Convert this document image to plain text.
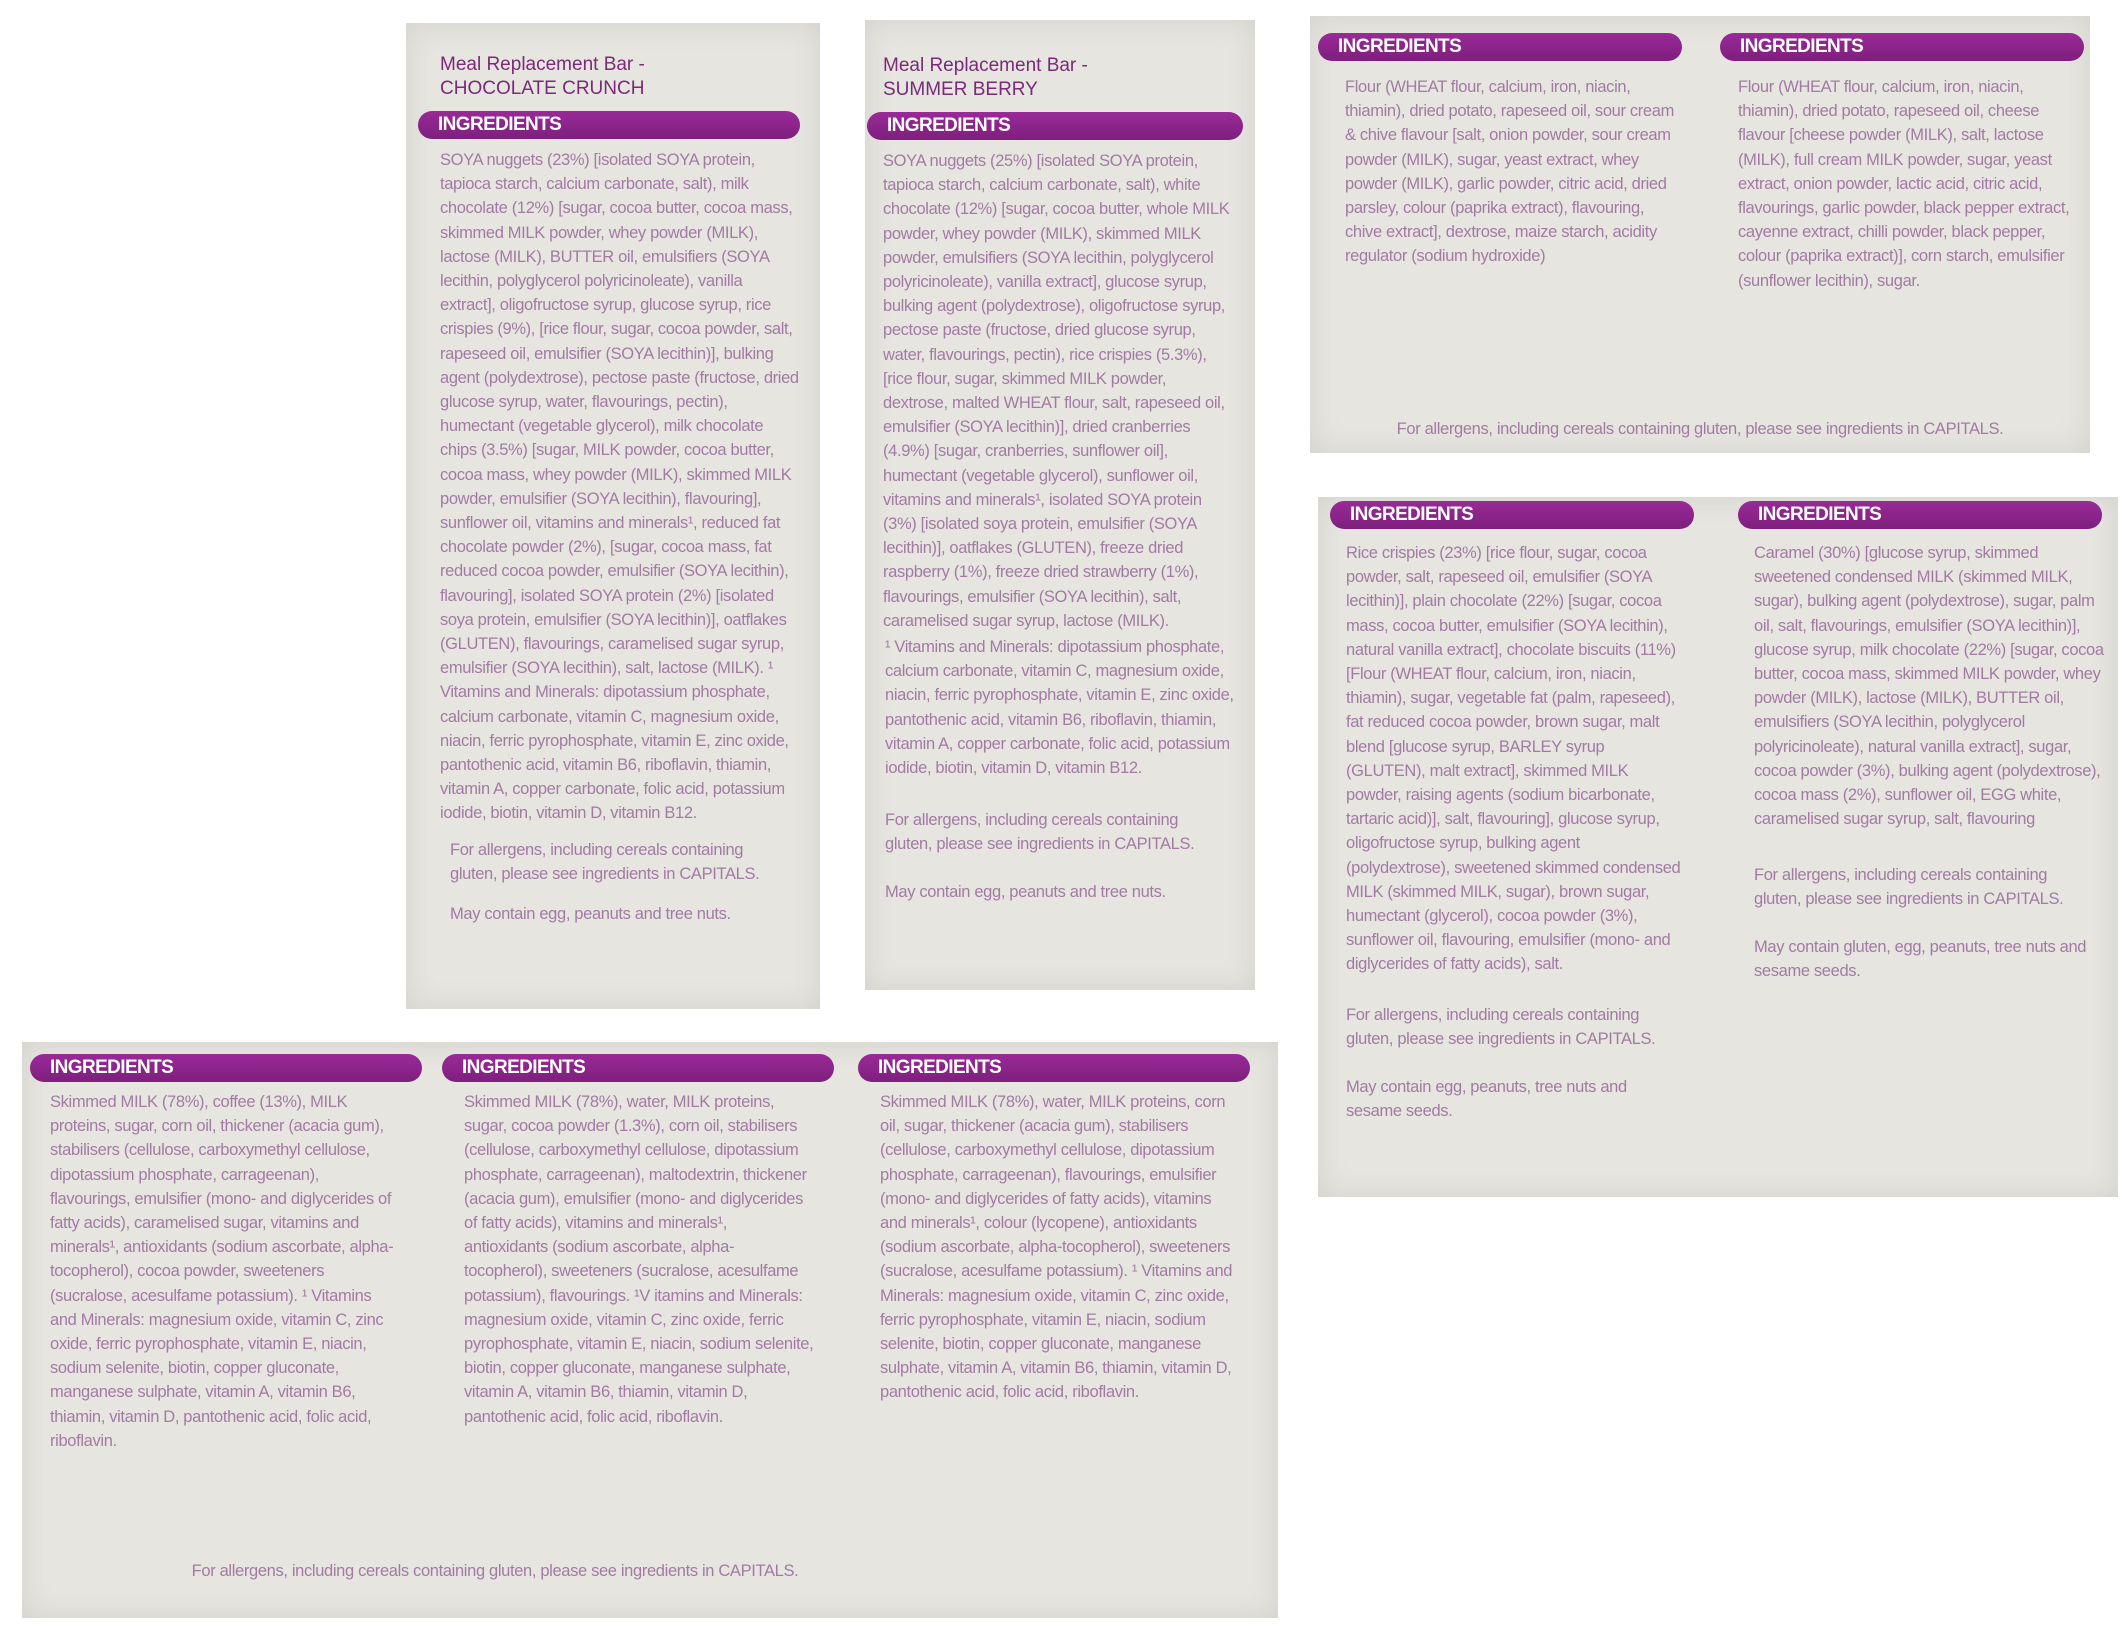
Meal Replacement Bar -
CHOCOLATE CRUNCH
INGREDIENTS
SOYA nuggets (23%) [isolated SOYA protein, tapioca starch, calcium carbonate, salt), milk chocolate (12%) [sugar, cocoa butter, cocoa mass, skimmed MILK powder, whey powder (MILK), lactose (MILK), BUTTER oil, emulsifiers (SOYA lecithin, polyglycerol polyricinoleate), vanilla extract], oligofructose syrup, glucose syrup, rice crispies (9%), [rice flour, sugar, cocoa powder, salt, rapeseed oil, emulsifier (SOYA lecithin)], bulking agent (polydextrose), pectose paste (fructose, dried glucose syrup, water, flavourings, pectin), humectant (vegetable glycerol), milk chocolate chips (3.5%) [sugar, MILK powder, cocoa butter, cocoa mass, whey powder (MILK), skimmed MILK powder, emulsifier (SOYA lecithin), flavouring], sunflower oil, vitamins and minerals¹, reduced fat chocolate powder (2%), [sugar, cocoa mass, fat reduced cocoa powder, emulsifier (SOYA lecithin), flavouring], isolated SOYA protein (2%) [isolated soya protein, emulsifier (SOYA lecithin)], oatflakes (GLUTEN), flavourings, caramelised sugar syrup, emulsifier (SOYA lecithin), salt, lactose (MILK). ¹ Vitamins and Minerals: dipotassium phosphate, calcium carbonate, vitamin C, magnesium oxide, niacin, ferric pyrophosphate, vitamin E, zinc oxide, pantothenic acid, vitamin B6, riboflavin, thiamin, vitamin A, copper carbonate, folic acid, potassium iodide, biotin, vitamin D, vitamin B12.
For allergens, including cereals containing gluten, please see ingredients in CAPITALS.
May contain egg, peanuts and tree nuts.
Meal Replacement Bar -
SUMMER BERRY
INGREDIENTS
SOYA nuggets (25%) [isolated SOYA protein, tapioca starch, calcium carbonate, salt), white chocolate (12%) [sugar, cocoa butter, whole MILK powder, whey powder (MILK), skimmed MILK powder, emulsifiers (SOYA lecithin, polyglycerol polyricinoleate), vanilla extract], glucose syrup, bulking agent (polydextrose), oligofructose syrup, pectose paste (fructose, dried glucose syrup, water, flavourings, pectin), rice crispies (5.3%), [rice flour, sugar, skimmed MILK powder, dextrose, malted WHEAT flour, salt, rapeseed oil, emulsifier (SOYA lecithin)], dried cranberries (4.9%) [sugar, cranberries, sunflower oil], humectant (vegetable glycerol), sunflower oil, vitamins and minerals¹, isolated SOYA protein (3%) [isolated soya protein, emulsifier (SOYA lecithin)], oatflakes (GLUTEN), freeze dried raspberry (1%), freeze dried strawberry (1%), flavourings, emulsifier (SOYA lecithin), salt, caramelised sugar syrup, lactose (MILK).
¹ Vitamins and Minerals: dipotassium phosphate, calcium carbonate, vitamin C, magnesium oxide, niacin, ferric pyrophosphate, vitamin E, zinc oxide, pantothenic acid, vitamin B6, riboflavin, thiamin, vitamin A, copper carbonate, folic acid, potassium iodide, biotin, vitamin D, vitamin B12.
For allergens, including cereals containing gluten, please see ingredients in CAPITALS.
May contain egg, peanuts and tree nuts.
INGREDIENTS
Flour (WHEAT flour, calcium, iron, niacin, thiamin), dried potato, rapeseed oil, sour cream & chive flavour [salt, onion powder, sour cream powder (MILK), sugar, yeast extract, whey powder (MILK), garlic powder, citric acid, dried parsley, colour (paprika extract), flavouring, chive extract], dextrose, maize starch, acidity regulator (sodium hydroxide)
INGREDIENTS
Flour (WHEAT flour, calcium, iron, niacin, thiamin), dried potato, rapeseed oil, cheese flavour [cheese powder (MILK), salt, lactose (MILK), full cream MILK powder, sugar, yeast extract, onion powder, lactic acid, citric acid, flavourings, garlic powder, black pepper extract, cayenne extract, chilli powder, black pepper, colour (paprika extract)], corn starch, emulsifier (sunflower lecithin), sugar.
For allergens, including cereals containing gluten, please see ingredients in CAPITALS.
INGREDIENTS
Rice crispies (23%) [rice flour, sugar, cocoa powder, salt, rapeseed oil, emulsifier (SOYA lecithin)], plain chocolate (22%) [sugar, cocoa mass, cocoa butter, emulsifier (SOYA lecithin), natural vanilla extract], chocolate biscuits (11%) [Flour (WHEAT flour, calcium, iron, niacin, thiamin), sugar, vegetable fat (palm, rapeseed), fat reduced cocoa powder, brown sugar, malt blend [glucose syrup, BARLEY syrup (GLUTEN), malt extract], skimmed MILK powder, raising agents (sodium bicarbonate, tartaric acid)], salt, flavouring], glucose syrup, oligofructose syrup, bulking agent (polydextrose), sweetened skimmed condensed MILK (skimmed MILK, sugar), brown sugar, humectant (glycerol), cocoa powder (3%), sunflower oil, flavouring, emulsifier (mono- and diglycerides of fatty acids), salt.
For allergens, including cereals containing gluten, please see ingredients in CAPITALS.
May contain egg, peanuts, tree nuts and sesame seeds.
INGREDIENTS
Caramel (30%) [glucose syrup, skimmed sweetened condensed MILK (skimmed MILK, sugar), bulking agent (polydextrose), sugar, palm oil, salt, flavourings, emulsifier (SOYA lecithin)], glucose syrup, milk chocolate (22%) [sugar, cocoa butter, cocoa mass, skimmed MILK powder, whey powder (MILK), lactose (MILK), BUTTER oil, emulsifiers (SOYA lecithin, polyglycerol polyricinoleate), natural vanilla extract], sugar, cocoa powder (3%), bulking agent (polydextrose), cocoa mass (2%), sunflower oil, EGG white, caramelised sugar syrup, salt, flavouring
For allergens, including cereals containing gluten, please see ingredients in CAPITALS.
May contain gluten, egg, peanuts, tree nuts and sesame seeds.
INGREDIENTS
Skimmed MILK (78%), coffee (13%), MILK proteins, sugar, corn oil, thickener (acacia gum), stabilisers (cellulose, carboxymethyl cellulose, dipotassium phosphate, carrageenan), flavourings, emulsifier (mono- and diglycerides of fatty acids), caramelised sugar, vitamins and minerals¹, antioxidants (sodium ascorbate, alpha-tocopherol), cocoa powder, sweeteners (sucralose, acesulfame potassium). ¹ Vitamins and Minerals: magnesium oxide, vitamin C, zinc oxide, ferric pyrophosphate, vitamin E, niacin, sodium selenite, biotin, copper gluconate, manganese sulphate, vitamin A, vitamin B6, thiamin, vitamin D, pantothenic acid, folic acid, riboflavin.
INGREDIENTS
Skimmed MILK (78%), water, MILK proteins, sugar, cocoa powder (1.3%), corn oil, stabilisers (cellulose, carboxymethyl cellulose, dipotassium phosphate, carrageenan), maltodextrin, thickener (acacia gum), emulsifier (mono- and diglycerides of fatty acids), vitamins and minerals¹, antioxidants (sodium ascorbate, alpha-tocopherol), sweeteners (sucralose, acesulfame potassium), flavourings. ¹V itamins and Minerals: magnesium oxide, vitamin C, zinc oxide, ferric pyrophosphate, vitamin E, niacin, sodium selenite, biotin, copper gluconate, manganese sulphate, vitamin A, vitamin B6, thiamin, vitamin D, pantothenic acid, folic acid, riboflavin.
INGREDIENTS
Skimmed MILK (78%), water, MILK proteins, corn oil, sugar, thickener (acacia gum), stabilisers (cellulose, carboxymethyl cellulose, dipotassium phosphate, carrageenan), flavourings, emulsifier (mono- and diglycerides of fatty acids), vitamins and minerals¹, colour (lycopene), antioxidants (sodium ascorbate, alpha-tocopherol), sweeteners (sucralose, acesulfame potassium). ¹ Vitamins and Minerals: magnesium oxide, vitamin C, zinc oxide, ferric pyrophosphate, vitamin E, niacin, sodium selenite, biotin, copper gluconate, manganese sulphate, vitamin A, vitamin B6, thiamin, vitamin D, pantothenic acid, folic acid, riboflavin.
For allergens, including cereals containing gluten, please see ingredients in CAPITALS.
